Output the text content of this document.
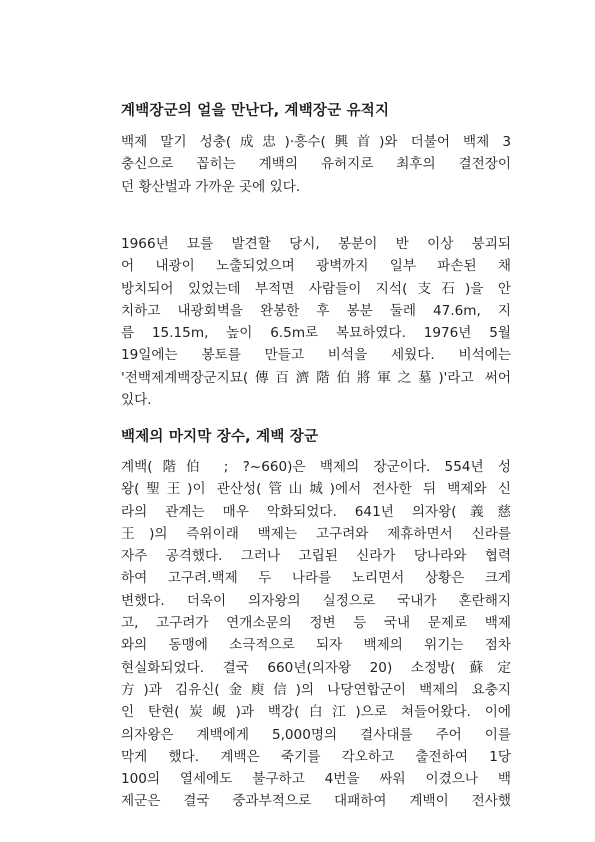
계백장군의 얼을 만난다, 계백장군 유적지

백제 말기 성충(成忠)·흥수(興首)와 더불어 백제 3
충신으로 꼽히는 계백의 유허지로 최후의 결전장이
던 황산벌과 가까운 곳에 있다.

1966년 묘를 발견할 당시, 봉분이 반 이상 붕괴되
어 내광이 노출되었으며 광벽까지 일부 파손된 채
방치되어 있었는데 부적면 사람들이 지석(支石)을 안
치하고 내광회벽을 완봉한 후 봉분 둘레 47.6m, 지
름 15.15m, 높이 6.5m로 복묘하였다. 1976년 5월
19일에는 봉토를 만들고 비석을 세웠다. 비석에는
'전백제계백장군지묘(傳百濟階伯將軍之墓)'라고 써어
있다.

백제의 마지막 장수, 계백 장군

계백(階伯 ; ?~660)은 백제의 장군이다. 554년 성
왕(聖王)이 관산성(管山城)에서 전사한 뒤 백제와 신
라의 관계는 매우 악화되었다. 641년 의자왕(義慈
王)의 즉위이래 백제는 고구려와 제휴하면서 신라를
자주 공격했다. 그러나 고립된 신라가 당나라와 협력
하여 고구려.백제 두 나라를 노리면서 상황은 크게
변했다. 더욱이 의자왕의 실정으로 국내가 혼란해지
고, 고구려가 연개소문의 정변 등 국내 문제로 백제
와의 동맹에 소극적으로 되자 백제의 위기는 점차
현실화되었다. 결국 660년(의자왕 20) 소정방(蘇定
方)과 김유신(金庾信)의 나당연합군이 백제의 요충지
인 탄현(炭峴)과 백강(白江)으로 쳐들어왔다. 이에
의자왕은 계백에게 5,000명의 결사대를 주어 이를
막게 했다. 계백은 죽기를 각오하고 출전하여 1당
100의 열세에도 불구하고 4번을 싸워 이겼으나 백
제군은 결국 중과부적으로 대패하여 계백이 전사했
